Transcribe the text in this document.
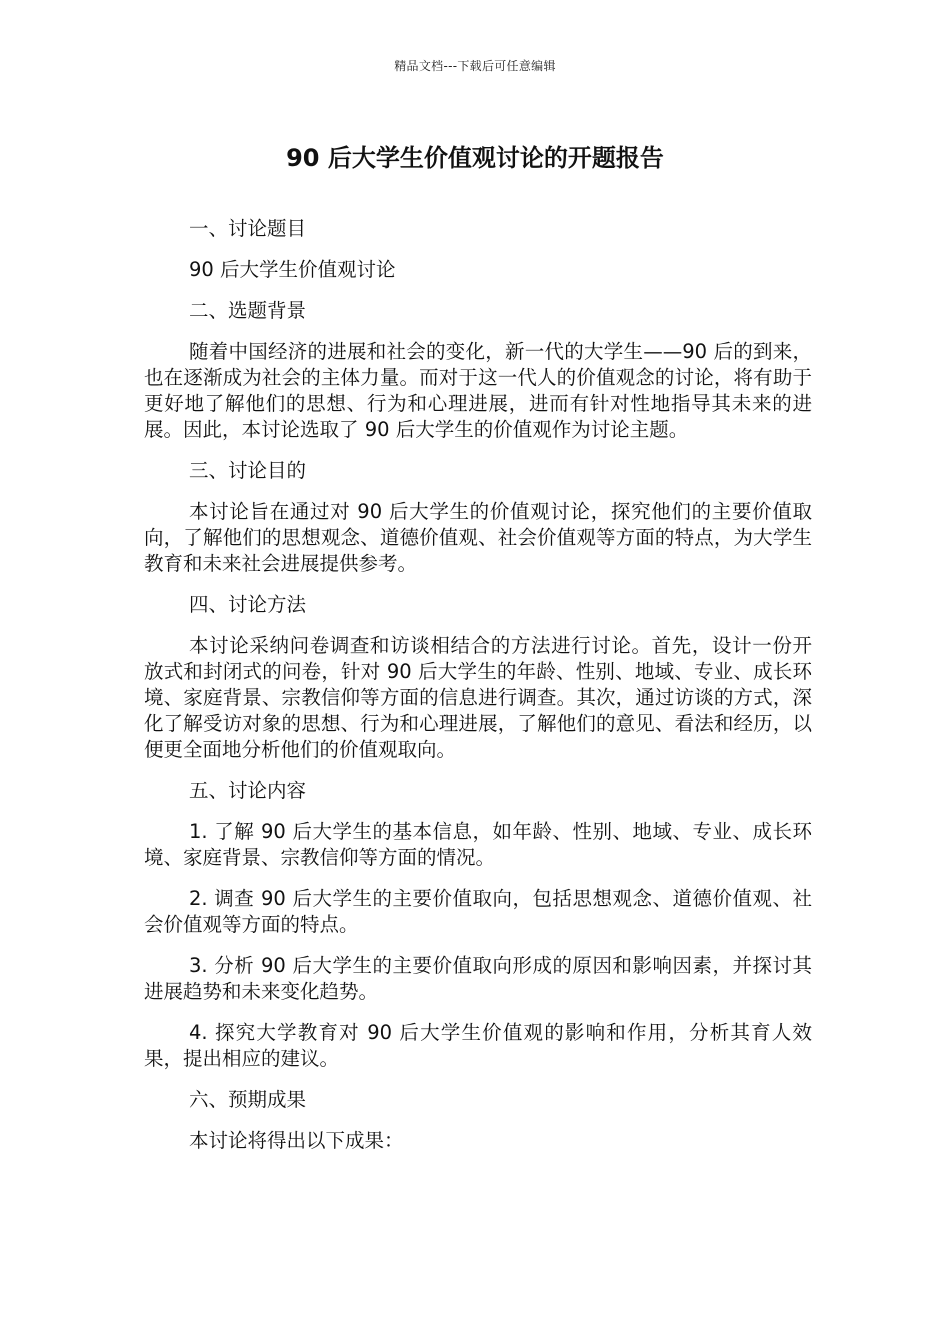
精品文档---下载后可任意编辑
90 后大学生价值观讨论的开题报告

一、讨论题目

90 后大学生价值观讨论

二、选题背景

随着中国经济的进展和社会的变化，新一代的大学生——90 后的到来，也在逐渐成为社会的主体力量。而对于这一代人的价值观念的讨论，将有助于更好地了解他们的思想、行为和心理进展，进而有针对性地指导其未来的进展。因此，本讨论选取了 90 后大学生的价值观作为讨论主题。

三、讨论目的

本讨论旨在通过对 90 后大学生的价值观讨论，探究他们的主要价值取向，了解他们的思想观念、道德价值观、社会价值观等方面的特点，为大学生教育和未来社会进展提供参考。

四、讨论方法

本讨论采纳问卷调查和访谈相结合的方法进行讨论。首先，设计一份开放式和封闭式的问卷，针对 90 后大学生的年龄、性别、地域、专业、成长环境、家庭背景、宗教信仰等方面的信息进行调查。其次，通过访谈的方式，深化了解受访对象的思想、行为和心理进展，了解他们的意见、看法和经历，以便更全面地分析他们的价值观取向。

五、讨论内容

1. 了解 90 后大学生的基本信息，如年龄、性别、地域、专业、成长环境、家庭背景、宗教信仰等方面的情况。

2. 调查 90 后大学生的主要价值取向，包括思想观念、道德价值观、社会价值观等方面的特点。

3. 分析 90 后大学生的主要价值取向形成的原因和影响因素，并探讨其进展趋势和未来变化趋势。

4. 探究大学教育对 90 后大学生价值观的影响和作用，分析其育人效果，提出相应的建议。

六、预期成果

本讨论将得出以下成果：
